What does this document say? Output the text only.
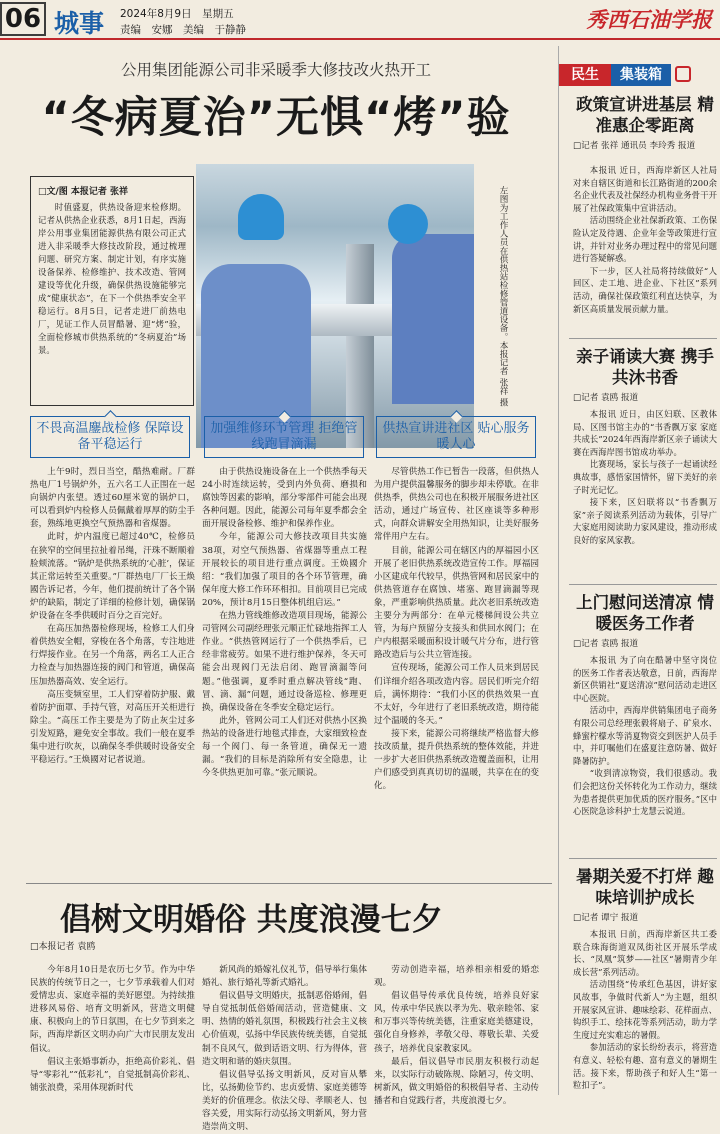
06 城事 2024年8月9日　星期五
责编　安娜　美编　于静静	秀西石油学报
公用集团能源公司非采暖季大修技改火热开工
“冬病夏治”无惧“烤”验
□文/图 本报记者 张祥

时值盛夏，供热设备迎来检修期。记者从供热企业获悉，8月1日起，西海岸公用事业集团能源供热有限公司正式进入非采暖季大修技改阶段，通过梳理问题、研究方案、制定计划，有序实施设备保养、检修维护、技术改造、管网建设等优化升级，确保供热设施能够完成“健康状态”，在下一个供热季安全平稳运行。8月5日，记者走进厂前热电厂，见证工作人员冒酷暑、迎“烤”验，全面检修城市供热系统的“冬病夏治”场景。	左图为工作人员在供热站检修管道设备。本报记者 张祥 摄
不畏高温鏖战检修 保障设备平稳运行
加强维修环节管理 拒绝管线跑冒滴漏
供热宣讲进社区 贴心服务暖人心

上午9时，烈日当空，酷热难耐。厂群热电厂1号锅炉外，五六名工人正围在一起向锅炉内张望。透过60厘米宽的锅炉口，可以看到炉内检修人员佩戴着厚厚的防尘手套，熟练地更换空气预热器和省煤器。

此时，炉内温度已超过40℃，检修员在狭窄的空间里拉扯着吊绳，汗珠不断顺着脸颊流落。“锅炉是供热系统的‘心脏’，保证其正常运转至关重要。”厂群热电厂厂长王焕國告诉记者，今年，他们提前统计了各个锅炉的缺陷，制定了详细的检修计划，确保锅炉设备在冬季供暖时百分之百完好。

在高压加热器检修现场，检修工人们身着供热安全帽，穿梭在各个角落，专注地进行焊接作业。在另一个角落，两名工人正合力检查与加热器连接的阀门和管道，确保高压加热器高效、安全运行。

高压变频室里，工人们穿着防护服、戴着防护面罩、手持气管，对高压开关柜进行除尘。“高压工作主要是为了防止灰尘过多引发短路，避免安全事故。我们一般在夏季集中进行吹灰，以确保冬季供暖时设备安全平稳运行。”王焕國对记者说道。

由于供热设施设备在上一个供热季每天24小时连续运转，受到内外负荷、磨损和腐蚀等因素的影响，部分零部件可能会出现各种问题。因此，能源公司每年夏季都会全面开展设备检修、维护和保养作业。

今年，能源公司大修技改项目共实施38项，对空气预热器、省煤器等重点工程开展较长的项目进行重点调度。王焕國介绍：“我们加强了项目的各个环节管理，确保年度大修工作环环相扣。目前项目已完成20%，预计8月15日整体机组启运。”

在热力管线维修改造项目现场，能源公司管网公司副经理张元顺正忙碌地指挥工人作业。“供热管网运行了一个供热季后，已经非常疲劳。如果不进行维护保养，冬天可能会出现阀门无法启闭、跑冒滴漏等问题。”他强调，夏季时重点解决管线“跑、冒、滴、漏”问题，通过设备巡检、修理更换，确保设备在冬季安全稳定运行。

此外，管网公司工人们还对供热小区换热站的设备进行地毯式排查，大家细致检查每一个阀门、每一条管道，确保无一遗漏。“我们的目标是消除所有安全隐患，让今冬供热更加可靠。”张元顺说。

尽管供热工作已暂告一段落，但供热人为用户提供温馨服务的脚步却未停歇。在非供热季，供热公司也在积极开展服务进社区活动，通过广场宣传、社区座谈等多种形式，向群众讲解安全用热知识，让美好服务常伴用户左右。

目前，能源公司在辖区内的厚福园小区开展了老旧供热系统改造宣传工作。厚福园小区建成年代较早，供热管网和居民家中的供热管道存在腐蚀、堵塞、跑冒滴漏等现象，严重影响供热质量。此次老旧系统改造主要分为两部分：在单元楼梯间设公共立管，为每户预留分支接头和供回水阀门；在户内根据采暖面积设计暖气片分布，进行管路改造后与公共立管连接。

宣传现场，能源公司工作人员来到居民们详细介绍各项改造内容。居民们听完介绍后，满怀期待：“我们小区的供热效果一直不太好，今年进行了老旧系统改造，期待能过个温暖的冬天。”

接下来，能源公司将继续严格监督大修技改质量，提升供热系统的整体效能，并进一步扩大老旧供热系统改造覆盖面积，让用户们感受到真真切切的温暖，共享在在的变化。

倡树文明婚俗 共度浪漫七夕
□本报记者 袁鸥

今年8月10日是农历七夕节。作为中华民族的传统节日之一，七夕节承载着人们对爱情忠贞、家庭幸福的美好愿望。为持续推进移风易俗、培育文明新风，营造文明健康、积极向上的节日氛围，在七夕节到来之际，西海岸新区文明办向广大市民朋友发出倡议。

倡议主张婚事新办，拒绝高价彩礼、倡导“零彩礼”“低彩礼”，自觉抵制高价彩礼、铺张浪费，采用体现新时代

新风尚的婚嫁礼仪礼节，倡导举行集体婚礼、旅行婚礼等新式婚礼。

倡议倡导文明婚庆，抵制恶俗婚闹，倡导自觉抵制低俗婚闹活动，营造健康、文明、热情的婚礼氛围，积极践行社会主义核心价值观，弘扬中华民族传统美德，自觉抵制不良风气，做到话语文明、行为得体，营造文明和谐的婚庆氛围。

倡议倡导弘扬文明新风，反对盲从攀比，弘扬勤俭节约、忠贞爱情、家庭美德等美好的价值理念。依法父母、孝顺老人、包容关爱，用实际行动弘扬文明新风，努力营造崇尚文明、

劳动创造幸福，培养相亲相爱的婚恋观。

倡议倡导传承优良传统，培养良好家风，传承中华民族以孝为先、敬亲睦邻、家和万事兴等传统美德，注重家庭美德建设，强化自身修养，孝敬父母、尊敬长辈、关爱孩子，培养优良家教家风。

最后，倡议倡导市民朋友积极行动起来，以实际行动破陈规、除陋习，传文明、树新风，做文明婚俗的积极倡导者、主动传播者和自觉践行者，共度浪漫七夕。

民生	集装箱
政策宣讲进基层 精准惠企零距离
□记者 张祥 通讯员 李玲秀 报道

本报讯 近日，西海岸新区人社局对来自辖区街道和长江路街道的200余名企业代表及社保经办机构业务骨干开展了社保政策集中宣讲活动。

活动围绕企业社保新政策、工伤保险认定及待遇、企业年金等政策进行宣讲，并针对业务办理过程中的常见问题进行答疑解惑。

下一步，区人社局将持续做好“人回区、走工地、进企业、下社区”系列活动，确保社保政策红利直达快享，为新区高质量发展贡献力量。

亲子诵读大赛 携手共沐书香
□记者 袁鸥 报道

本报讯 近日，由区妇联、区教体局、区图书馆主办的“书香飘万家 家庭共成长”2024年西海岸新区亲子诵读大赛在西海岸图书馆成功举办。

比赛现场，家长与孩子一起诵读经典故事，感悟家国情怀，留下美好的亲子时光记忆。

接下来，区妇联将以“书香飘万家”亲子阅读系列活动为载体，引导广大家庭用阅读助力家风建设，推动形成良好的家风家教。

上门慰问送清凉 情暖医务工作者
□记者 袁鸥 报道

本报讯 为了向在酷暑中坚守岗位的医务工作者表达敬意，日前，西海岸新区供销社“夏送清凉”慰问活动走进区中心医院。

活动中，西海岸供销集团电子商务有限公司总经理张毅将扇子、矿泉水、蜂蜜柠檬水等消夏物资交到医护人员手中，并叮嘱他们在盛夏注意防暑、做好降暑防护。

“收到清凉物资，我们很感动。我们会把这份关怀转化为工作动力，继续为患者提供更加优质的医疗服务。”区中心医院急诊科护士龙慧云说道。

暑期关爱不打烊 趣味培训护成长
□记者 谭宁 报道

本报讯 日前，西海岸新区共工委联合珠海街道双凤街社区开展乐学成长、“凤凰”筑梦——社区“暑期青少年成长营”系列活动。

活动围绕“传承红色基因，讲好家风故事，争做时代新人”为主题，组织开展家风宣讲、趣味绘彩、花样面点、钩织手工、绘抹花等系列活动，助力学生度过充实难忘的暑假。

参加活动的家长纷纷表示，将营造有意义、轻松有趣、富有意义的暑期生活。接下来，帮助孩子和好人生“第一粒扣子”。
